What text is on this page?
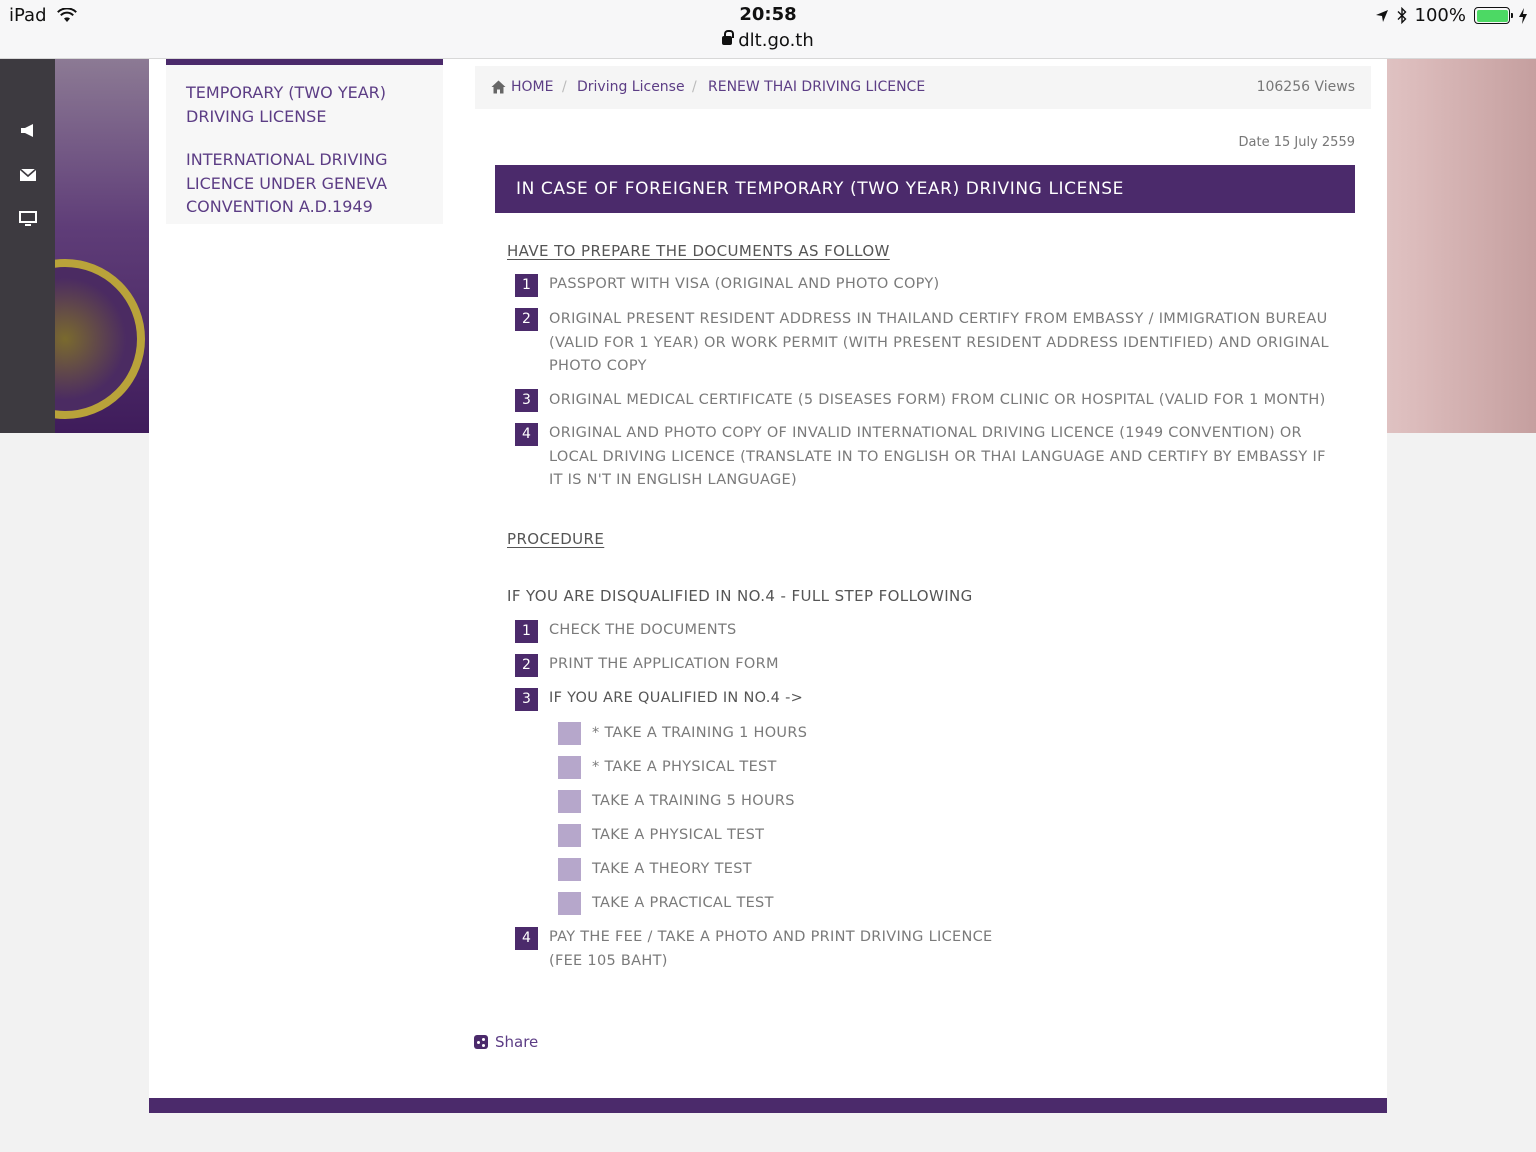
iPad	20:58
dlt.go.th
100%
TEMPORARY (TWO YEAR) DRIVING LICENSE
INTERNATIONAL DRIVING LICENCE UNDER GENEVA CONVENTION A.D.1949
HOME / Driving License / RENEW THAI DRIVING LICENCE	106256 Views
Date 15 July 2559
IN CASE OF FOREIGNER TEMPORARY (TWO YEAR) DRIVING LICENSE
HAVE TO PREPARE THE DOCUMENTS AS FOLLOW
1	PASSPORT WITH VISA (ORIGINAL AND PHOTO COPY)
2	ORIGINAL PRESENT RESIDENT ADDRESS IN THAILAND CERTIFY FROM EMBASSY / IMMIGRATION BUREAU (VALID FOR 1 YEAR) OR WORK PERMIT (WITH PRESENT RESIDENT ADDRESS IDENTIFIED) AND ORIGINAL PHOTO COPY
3	ORIGINAL MEDICAL CERTIFICATE (5 DISEASES FORM) FROM CLINIC OR HOSPITAL (VALID FOR 1 MONTH)
4	ORIGINAL AND PHOTO COPY OF INVALID INTERNATIONAL DRIVING LICENCE (1949 CONVENTION) OR LOCAL DRIVING LICENCE (TRANSLATE IN TO ENGLISH OR THAI LANGUAGE AND CERTIFY BY EMBASSY IF IT IS N'T IN ENGLISH LANGUAGE)
PROCEDURE
IF YOU ARE DISQUALIFIED IN NO.4 - FULL STEP FOLLOWING
1	CHECK THE DOCUMENTS
2	PRINT THE APPLICATION FORM
3	IF YOU ARE QUALIFIED IN NO.4 ->
* TAKE A TRAINING 1 HOURS
* TAKE A PHYSICAL TEST
TAKE A TRAINING 5 HOURS
TAKE A PHYSICAL TEST
TAKE A THEORY TEST
TAKE A PRACTICAL TEST
4	PAY THE FEE / TAKE A PHOTO AND PRINT DRIVING LICENCE
(FEE 105 BAHT)
Share
